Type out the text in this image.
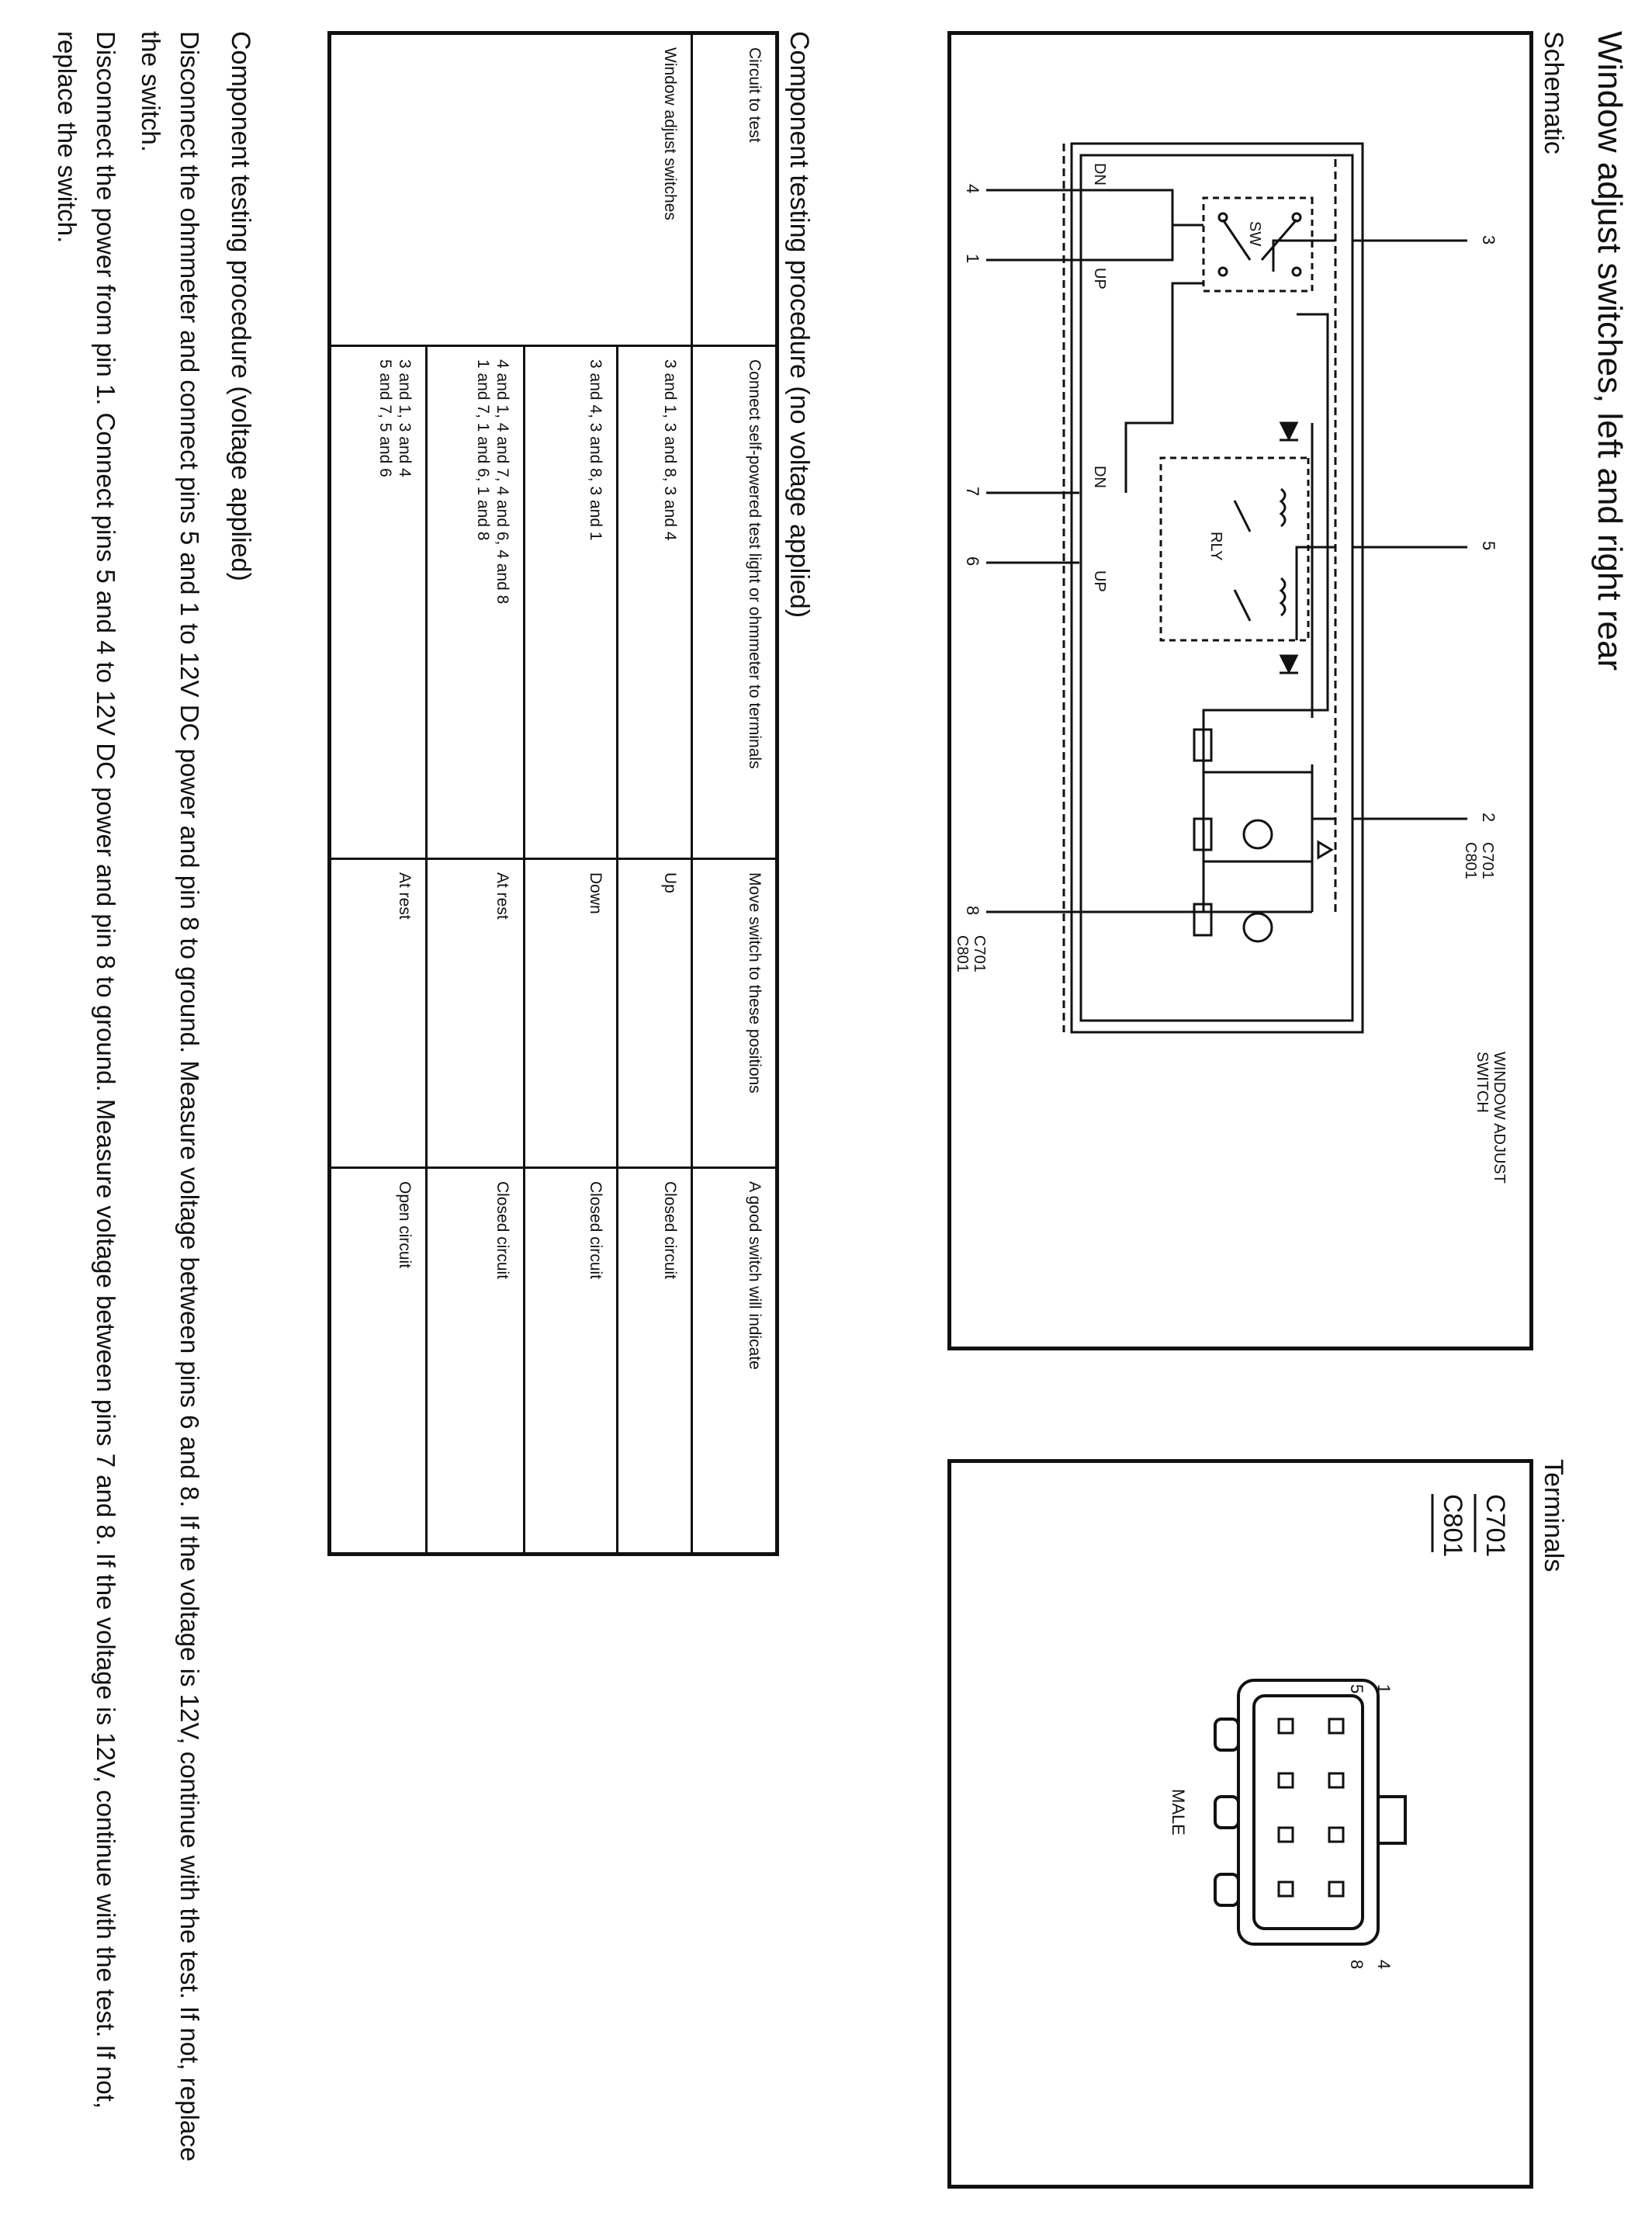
Window adjust switches, left and right rear
Schematic
3
4
1
7
6
5
2
8
C701
C801
C701
C801
WINDOW ADJUST
SWITCH
SW
RLY
DN
UP
DN
UP
Terminals
C701
C801
1
5
4
8
MALE
Component testing procedure (no voltage applied)
Circuit to test	Connect self-powered test light or ohmmeter to terminals	Move switch to these positions	A good switch will indicate
Window adjust switches	3 and 1, 3 and 8, 3 and 4	Up	Closed circuit

	3 and 4, 3 and 8, 3 and 1	Down	Closed circuit

	4 and 1, 4 and 7, 4 and 6, 4 and 8
1 and 7, 1 and 6, 1 and 8	At rest	Closed circuit

	3 and 1, 3 and 4
5 and 7, 5 and 6	At rest	Open circuit
Component testing procedure (voltage applied)
Disconnect the ohmmeter and connect pins 5 and 1 to 12V DC power and pin 8 to ground. Measure voltage between pins 6 and 8. If the voltage is 12V, continue with the test. If not, replace the switch.
Disconnect the power from pin 1. Connect pins 5 and 4 to 12V DC power and pin 8 to ground. Measure voltage between pins 7 and 8. If the voltage is 12V, continue with the test. If not, replace the switch.
